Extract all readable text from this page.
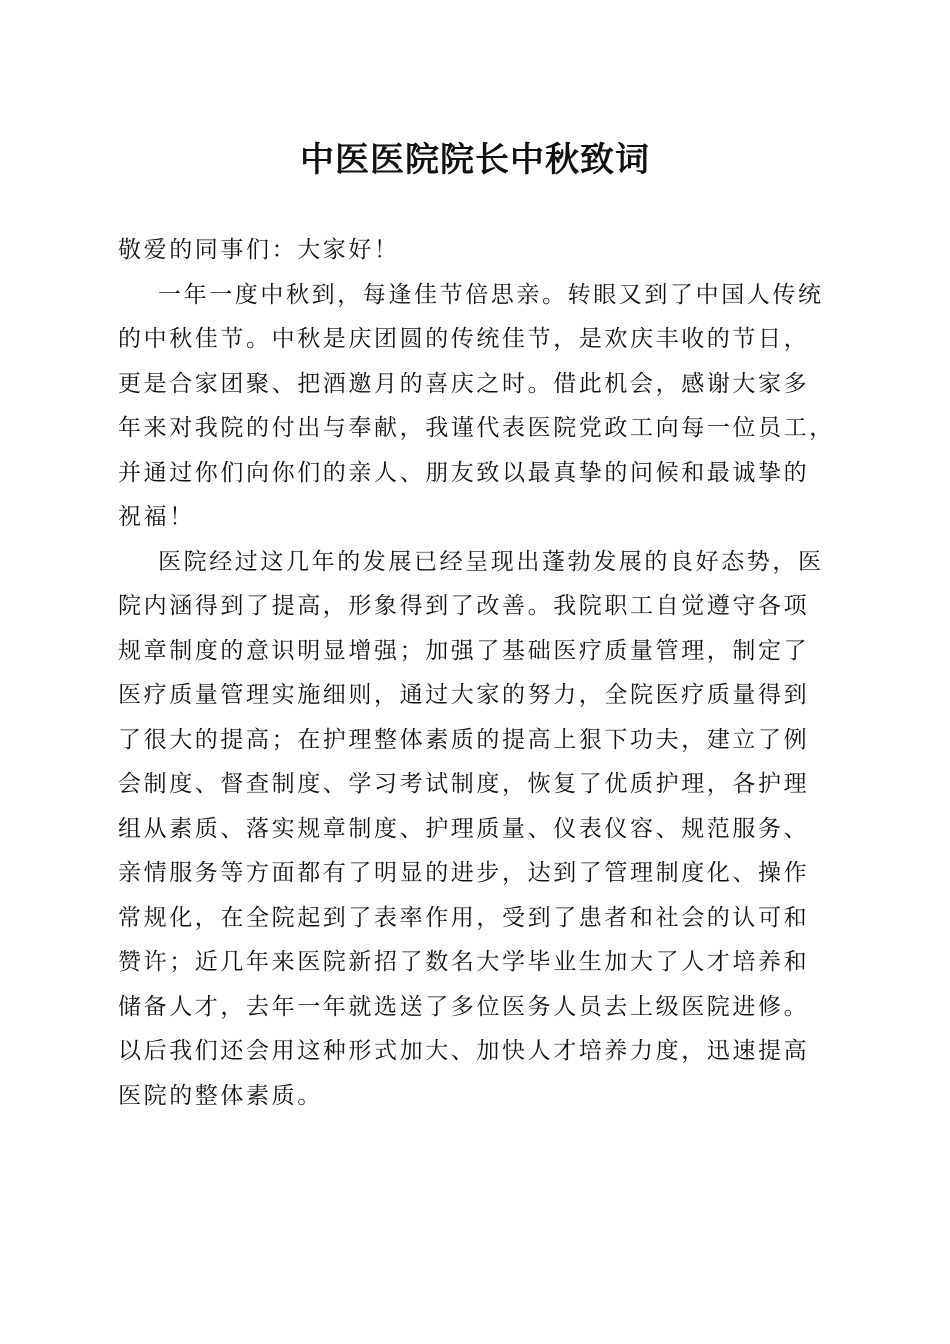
中医医院院长中秋致词
敬爱的同事们：大家好！
一年一度中秋到，每逢佳节倍思亲。转眼又到了中国人传统
的中秋佳节。中秋是庆团圆的传统佳节，是欢庆丰收的节日，
更是合家团聚、把酒邀月的喜庆之时。借此机会，感谢大家多
年来对我院的付出与奉献，我谨代表医院党政工向每一位员工，
并通过你们向你们的亲人、朋友致以最真挚的问候和最诚挚的
祝福！
医院经过这几年的发展已经呈现出蓬勃发展的良好态势，医
院内涵得到了提高，形象得到了改善。我院职工自觉遵守各项
规章制度的意识明显增强；加强了基础医疗质量管理，制定了
医疗质量管理实施细则，通过大家的努力，全院医疗质量得到
了很大的提高；在护理整体素质的提高上狠下功夫，建立了例
会制度、督查制度、学习考试制度，恢复了优质护理，各护理
组从素质、落实规章制度、护理质量、仪表仪容、规范服务、
亲情服务等方面都有了明显的进步，达到了管理制度化、操作
常规化，在全院起到了表率作用，受到了患者和社会的认可和
赞许；近几年来医院新招了数名大学毕业生加大了人才培养和
储备人才，去年一年就选送了多位医务人员去上级医院进修。
以后我们还会用这种形式加大、加快人才培养力度，迅速提高
医院的整体素质。
